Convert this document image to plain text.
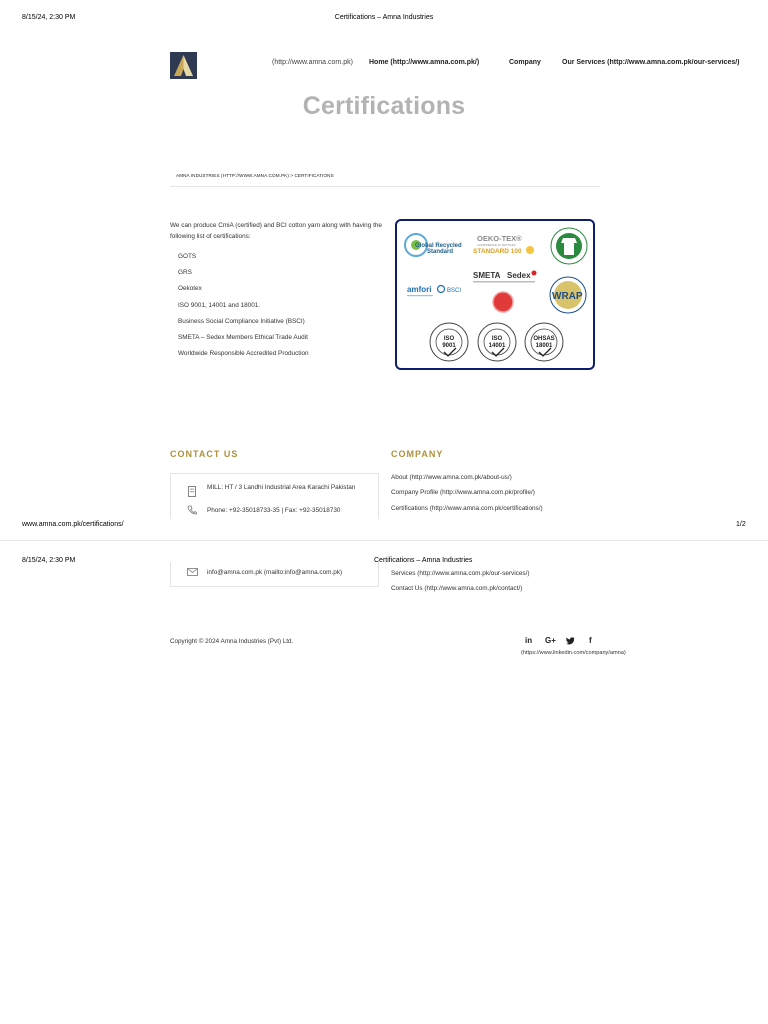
8/15/24, 2:30 PM	Certifications – Amna Industries
(http://www.amna.com.pk) Home (http://www.amna.com.pk/)	Company	Our Services (http://www.amna.com.pk/our-services/)
Certifications
AMNA INDUSTRIES (HTTP://WWW.AMNA.COM.PK) > CERTIFICATIONS
We can produce CmiA (certified) and BCI cotton yarn along with having the following list of certifications:
GOTS
GRS
Oekotex
ISO 9001, 14001 and 18001.
Business Social Compliance Initiative (BSCI)
SMETA – Sedex Members Ethical Trade Audit
Worldwide Responsible Accredited Production
Global Recycled
Standard
OEKO-TEX®
CONFIDENCE IN TEXTILES
STANDARD 100
SMETA Sedex
amfori	BSCI	WRAP
ISO
9001
ISO
14001
OHSAS
18001
CONTACT US	COMPANY
MILL: HT / 3 Landhi Industrial Area Karachi Pakistan
Phone: +92-35018733-35 | Fax: +92-35018730
About (http://www.amna.com.pk/about-us/)
Company Profile (http://www.amna.com.pk/profile/)
Certifications (http://www.amna.com.pk/certifications/)
www.amna.com.pk/certifications/	1/2
8/15/24, 2:30 PM	Certifications – Amna Industries
info@amna.com.pk (mailto:info@amna.com.pk)	Services (http://www.amna.com.pk/our-services/)
Contact Us (http://www.amna.com.pk/contact/)
Copyright © 2024 Amna Industries (Pvt) Ltd.	in G+	f
(https://www.linkedin.com/company/amna)
